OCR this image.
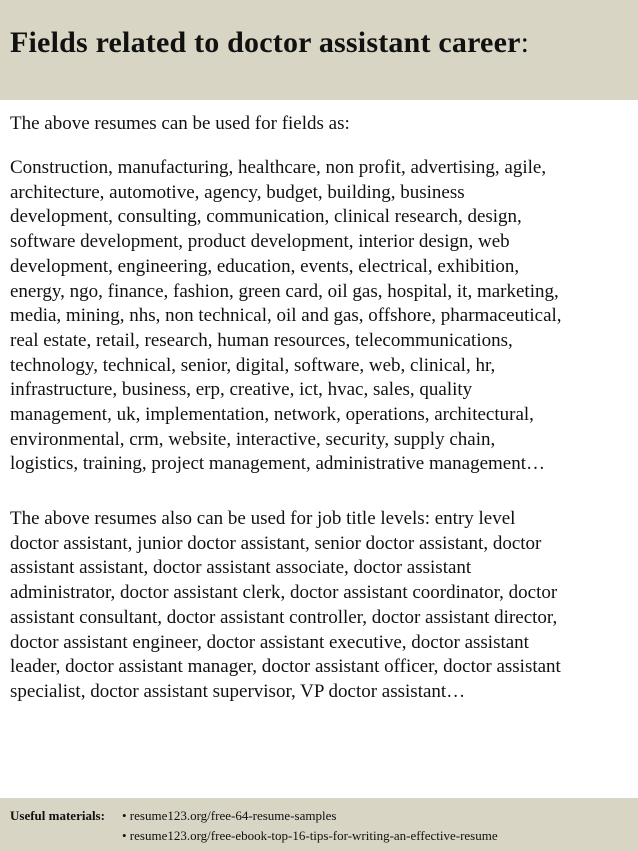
Fields related to doctor assistant career:

The above resumes can be used for fields as:

Construction, manufacturing, healthcare, non profit, advertising, agile,
architecture, automotive, agency, budget, building, business
development, consulting, communication, clinical research, design,
software development, product development, interior design, web
development, engineering, education, events, electrical, exhibition,
energy, ngo, finance, fashion, green card, oil gas, hospital, it, marketing,
media, mining, nhs, non technical, oil and gas, offshore, pharmaceutical,
real estate, retail, research, human resources, telecommunications,
technology, technical, senior, digital, software, web, clinical, hr,
infrastructure, business, erp, creative, ict, hvac, sales, quality
management, uk, implementation, network, operations, architectural,
environmental, crm, website, interactive, security, supply chain,
logistics, training, project management, administrative management…

The above resumes also can be used for job title levels: entry level
doctor assistant, junior doctor assistant, senior doctor assistant, doctor
assistant assistant, doctor assistant associate, doctor assistant
administrator, doctor assistant clerk, doctor assistant coordinator, doctor
assistant consultant, doctor assistant controller, doctor assistant director,
doctor assistant engineer, doctor assistant executive, doctor assistant
leader, doctor assistant manager, doctor assistant officer, doctor assistant
specialist, doctor assistant supervisor, VP doctor assistant…

Useful materials: • resume123.org/free-64-resume-samples
• resume123.org/free-ebook-top-16-tips-for-writing-an-effective-resume
